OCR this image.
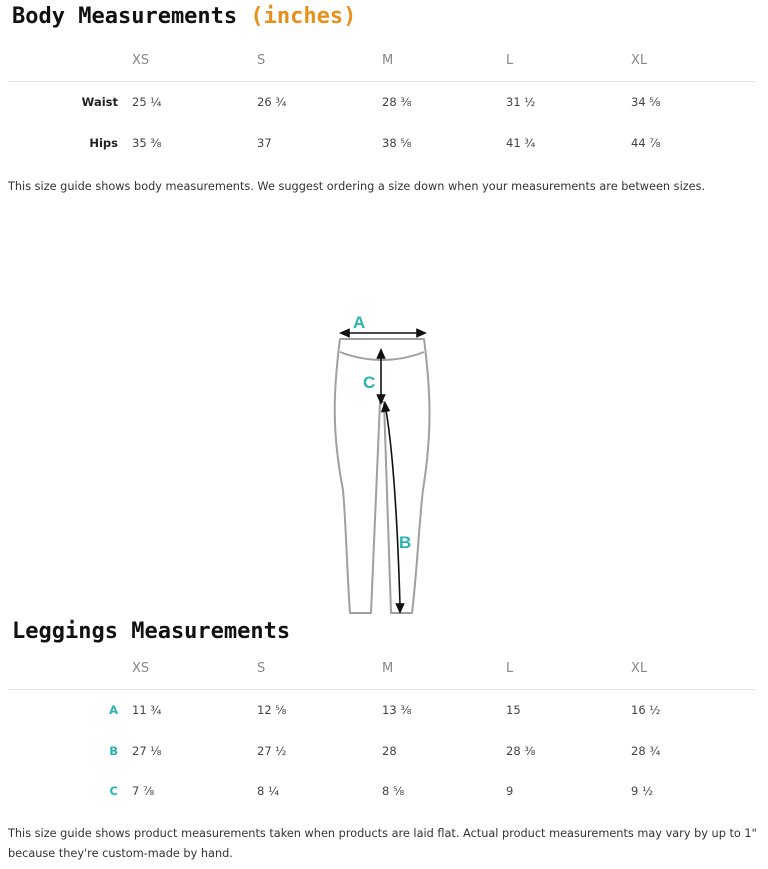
Body Measurements (inches)
	XS	S	M	L	XL
Waist	25 ¼	26 ¾	28 ⅜	31 ½	34 ⅝
Hips	35 ⅜	37	38 ⅝	41 ¾	44 ⅞
This size guide shows body measurements. We suggest ordering a size down when your measurements are between sizes.
A
C
B
Leggings Measurements
	XS	S	M	L	XL
A	11 ¾	12 ⅝	13 ⅜	15	16 ½
B	27 ⅛	27 ½	28	28 ⅜	28 ¾
C	7 ⅞	8 ¼	8 ⅝	9	9 ½
This size guide shows product measurements taken when products are laid flat. Actual product measurements may vary by up to 1" because they're custom-made by hand.
